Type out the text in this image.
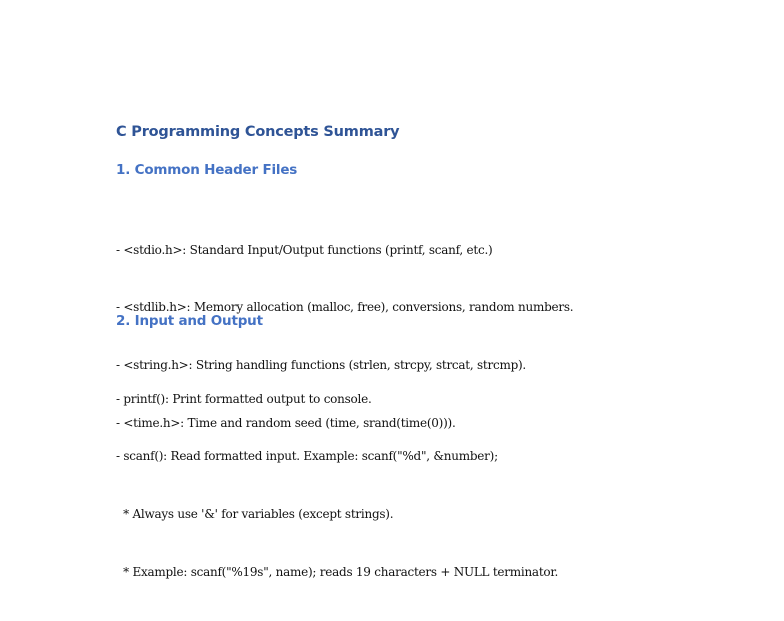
C Programming Concepts Summary
1. Common Header Files

- <stdio.h>: Standard Input/Output functions (printf, scanf, etc.)

- <stdlib.h>: Memory allocation (malloc, free), conversions, random numbers.

- <string.h>: String handling functions (strlen, strcpy, strcat, strcmp).

- <time.h>: Time and random seed (time, srand(time(0))).

2. Input and Output

- printf(): Print formatted output to console.

- scanf(): Read formatted input. Example: scanf("%d", &number);

* Always use '&' for variables (except strings).

* Example: scanf("%19s", name); reads 19 characters + NULL terminator.
